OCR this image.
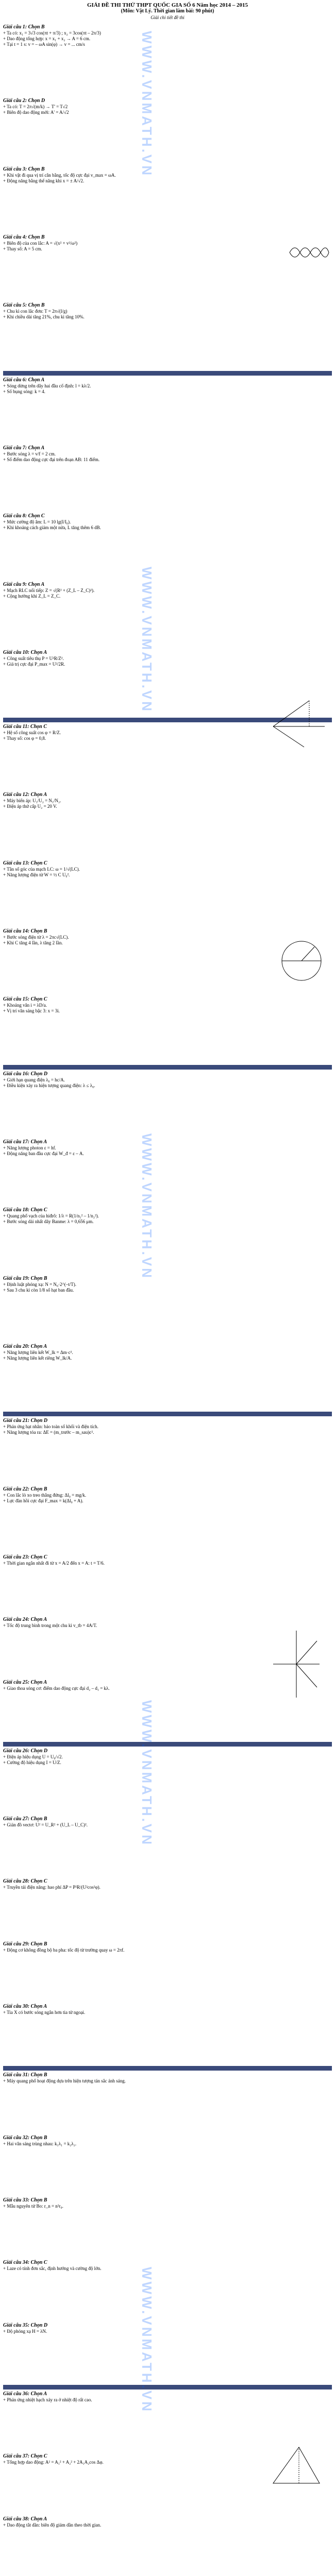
GIẢI ĐỀ THI THỬ THPT QUỐC GIA SỐ 6 Năm học 2014 – 2015
(Môn: Vật Lý. Thời gian làm bài: 90 phút)
Giải chi tiết đề thi
Giải câu 1: Chọn B
+ Ta có: x₁ = 3√3 cos(πt + π/3) ; x₂ = 3cos(πt – 2π/3)
+ Dao động tổng hợp: x = x₁ + x₂ → A = 6 cm.
+ Tại t = 1 s: v = – ωA sin(φ) → v = ... cm/s
Giải câu 2: Chọn D
+ Ta có: T = 2π√(m/k) → T' = T√2
+ Biên độ dao động mới: A' = A/√2
Giải câu 3: Chọn B
+ Khi vật đi qua vị trí cân bằng, tốc độ cực đại v_max = ωA.
+ Động năng bằng thế năng khi x = ± A/√2.
Giải câu 4: Chọn B
+ Biên độ của con lắc: A = √(x² + v²/ω²)
+ Thay số: A = 5 cm.
Giải câu 5: Chọn B
+ Chu kì con lắc đơn: T = 2π√(l/g)
+ Khi chiều dài tăng 21%, chu kì tăng 10%.
Giải câu 6: Chọn A
+ Sóng dừng trên dây hai đầu cố định: l = kλ/2.
+ Số bụng sóng: k = 4.
Giải câu 7: Chọn A
+ Bước sóng λ = v/f = 2 cm.
+ Số điểm dao động cực đại trên đoạn AB: 11 điểm.
Giải câu 8: Chọn C
+ Mức cường độ âm: L = 10 lg(I/I₀).
+ Khi khoảng cách giảm một nửa, L tăng thêm 6 dB.
Giải câu 9: Chọn A
+ Mạch RLC nối tiếp: Z = √(R² + (Z_L – Z_C)²).
+ Cộng hưởng khi Z_L = Z_C.
Giải câu 10: Chọn A
+ Công suất tiêu thụ P = U²R/Z².
+ Giá trị cực đại P_max = U²/2R.
Giải câu 11: Chọn C
+ Hệ số công suất cos φ = R/Z.
+ Thay số: cos φ = 0,8.
Giải câu 12: Chọn A
+ Máy biến áp: U₁/U₂ = N₁/N₂.
+ Điện áp thứ cấp U₂ = 20 V.
Giải câu 13: Chọn C
+ Tần số góc của mạch LC: ω = 1/√(LC).
+ Năng lượng điện từ W = ½ C U₀².
Giải câu 14: Chọn B
+ Bước sóng điện từ λ = 2πc√(LC).
+ Khi C tăng 4 lần, λ tăng 2 lần.
Giải câu 15: Chọn C
+ Khoảng vân i = λD/a.
+ Vị trí vân sáng bậc 3: x = 3i.
Giải câu 16: Chọn D
+ Giới hạn quang điện λ₀ = hc/A.
+ Điều kiện xảy ra hiện tượng quang điện: λ ≤ λ₀.
Giải câu 17: Chọn A
+ Năng lượng photon ε = hf.
+ Động năng ban đầu cực đại W_đ = ε – A.
Giải câu 18: Chọn C
+ Quang phổ vạch của hiđrô: 1/λ = R(1/n₁² – 1/n₂²).
+ Bước sóng dài nhất dãy Banme: λ = 0,656 μm.
Giải câu 19: Chọn B
+ Định luật phóng xạ: N = N₀·2^(–t/T).
+ Sau 3 chu kì còn 1/8 số hạt ban đầu.
Giải câu 20: Chọn A
+ Năng lượng liên kết W_lk = Δm·c².
+ Năng lượng liên kết riêng W_lk/A.
Giải câu 21: Chọn D
+ Phản ứng hạt nhân: bảo toàn số khối và điện tích.
+ Năng lượng tỏa ra: ΔE = (m_trước – m_sau)c².
Giải câu 22: Chọn B
+ Con lắc lò xo treo thẳng đứng: Δl₀ = mg/k.
+ Lực đàn hồi cực đại F_max = k(Δl₀ + A).
Giải câu 23: Chọn C
+ Thời gian ngắn nhất đi từ x = A/2 đến x = A: t = T/6.
Giải câu 24: Chọn A
+ Tốc độ trung bình trong một chu kì v_tb = 4A/T.
Giải câu 25: Chọn A
+ Giao thoa sóng cơ: điểm dao động cực đại d₂ – d₁ = kλ.
Giải câu 26: Chọn D
+ Điện áp hiệu dụng U = U₀/√2.
+ Cường độ hiệu dụng I = U/Z.
Giải câu 27: Chọn B
+ Giản đồ vectơ: U² = U_R² + (U_L – U_C)².
Giải câu 28: Chọn C
+ Truyền tải điện năng: hao phí ΔP = P²R/(U²cos²φ).
Giải câu 29: Chọn B
+ Động cơ không đồng bộ ba pha: tốc độ từ trường quay ω = 2πf.
Giải câu 30: Chọn A
+ Tia X có bước sóng ngắn hơn tia tử ngoại.
Giải câu 31: Chọn B
+ Máy quang phổ hoạt động dựa trên hiện tượng tán sắc ánh sáng.
Giải câu 32: Chọn B
+ Hai vân sáng trùng nhau: k₁λ₁ = k₂λ₂.
Giải câu 33: Chọn B
+ Mẫu nguyên tử Bo: r_n = n²r₀.
Giải câu 34: Chọn C
+ Laze có tính đơn sắc, định hướng và cường độ lớn.
Giải câu 35: Chọn D
+ Độ phóng xạ H = λN.
Giải câu 36: Chọn A
+ Phản ứng nhiệt hạch xảy ra ở nhiệt độ rất cao.
Giải câu 37: Chọn C
+ Tổng hợp dao động: A² = A₁² + A₂² + 2A₁A₂cos Δφ.
Giải câu 38: Chọn A
+ Dao động tắt dần: biên độ giảm dần theo thời gian.
WWW.VNMATH.VN
WWW.VNMATH.VN
WWW.VNMATH.VN
WWW.VNMATH.VN
WWW.VNMATH.VN
